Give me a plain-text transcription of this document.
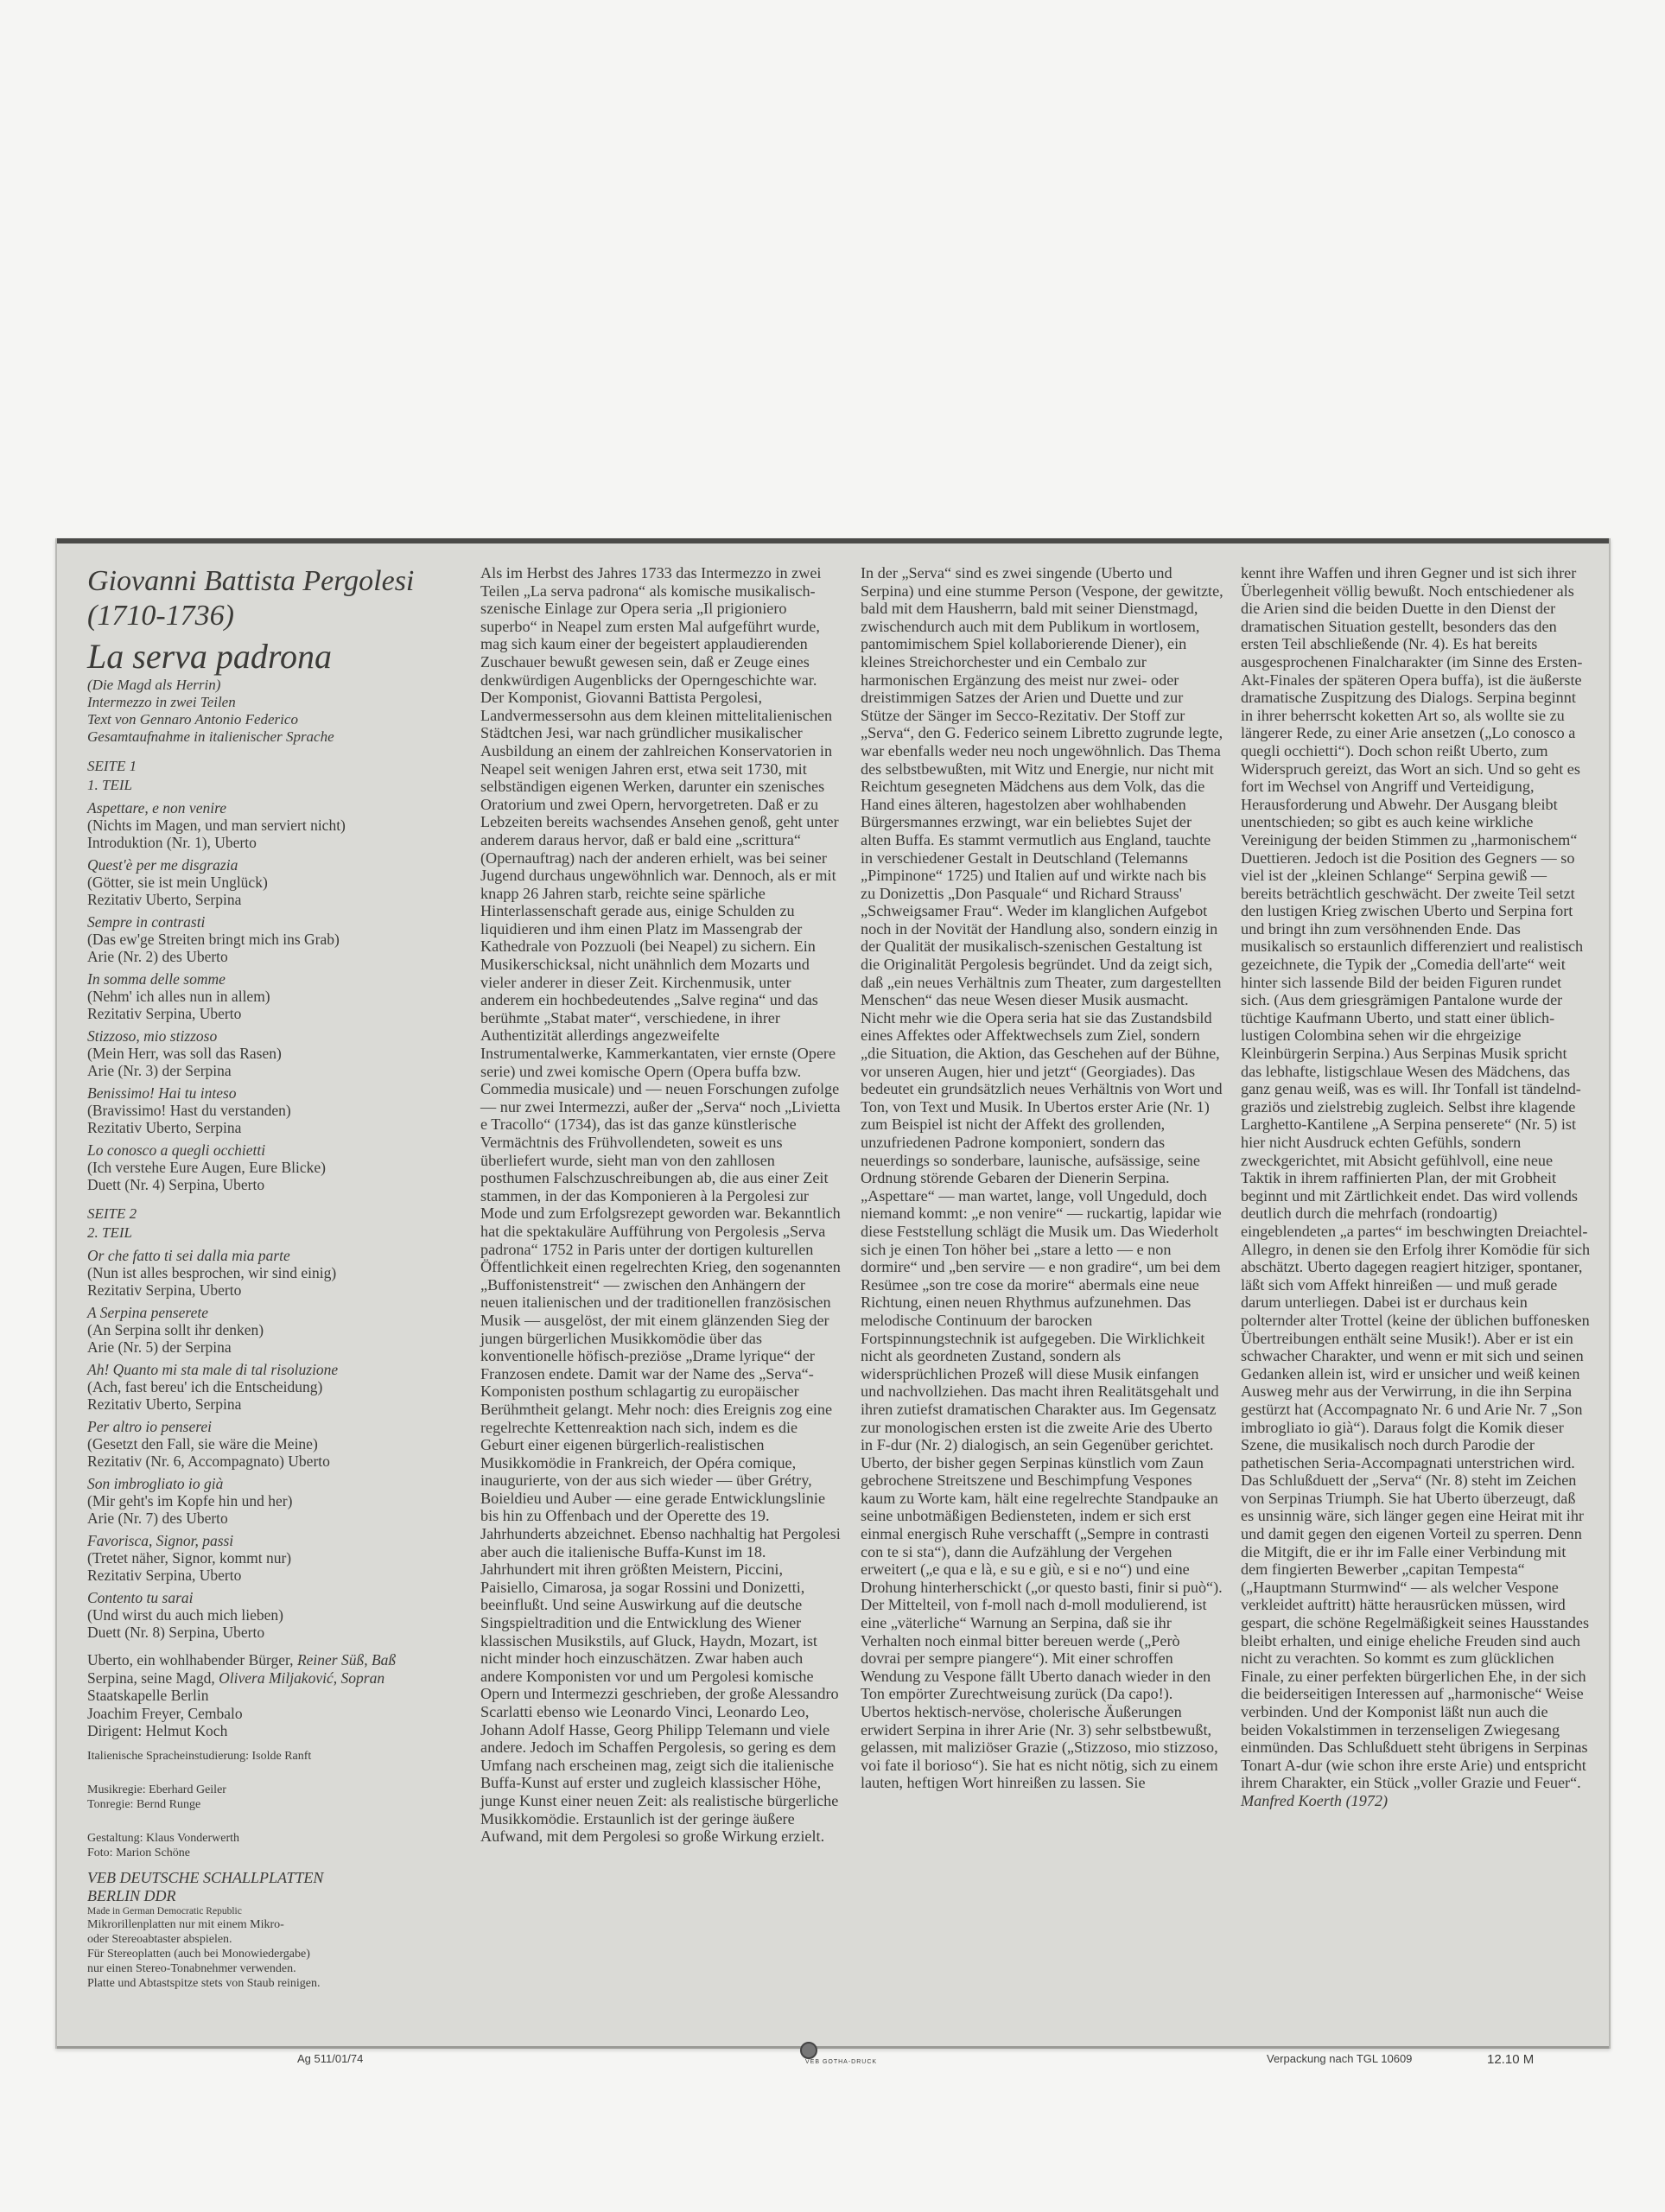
Giovanni Battista Pergolesi
(1710-1736)
La serva padrona
(Die Magd als Herrin)
Intermezzo in zwei Teilen
Text von Gennaro Antonio Federico
Gesamtaufnahme in italienischer Sprache
SEITE 1
1. TEIL
Aspettare, e non venire
(Nichts im Magen, und man serviert nicht)
Introduktion (Nr. 1), Uberto
Quest'è per me disgrazia
(Götter, sie ist mein Unglück)
Rezitativ Uberto, Serpina
Sempre in contrasti
(Das ew'ge Streiten bringt mich ins Grab)
Arie (Nr. 2) des Uberto
In somma delle somme
(Nehm' ich alles nun in allem)
Rezitativ Serpina, Uberto
Stizzoso, mio stizzoso
(Mein Herr, was soll das Rasen)
Arie (Nr. 3) der Serpina
Benissimo! Hai tu inteso
(Bravissimo! Hast du verstanden)
Rezitativ Uberto, Serpina
Lo conosco a quegli occhietti
(Ich verstehe Eure Augen, Eure Blicke)
Duett (Nr. 4) Serpina, Uberto
SEITE 2
2. TEIL
Or che fatto ti sei dalla mia parte
(Nun ist alles besprochen, wir sind einig)
Rezitativ Serpina, Uberto
A Serpina penserete
(An Serpina sollt ihr denken)
Arie (Nr. 5) der Serpina
Ah! Quanto mi sta male di tal risoluzione
(Ach, fast bereu' ich die Entscheidung)
Rezitativ Uberto, Serpina
Per altro io penserei
(Gesetzt den Fall, sie wäre die Meine)
Rezitativ (Nr. 6, Accompagnato) Uberto
Son imbrogliato io già
(Mir geht's im Kopfe hin und her)
Arie (Nr. 7) des Uberto
Favorisca, Signor, passi
(Tretet näher, Signor, kommt nur)
Rezitativ Serpina, Uberto
Contento tu sarai
(Und wirst du auch mich lieben)
Duett (Nr. 8) Serpina, Uberto
Uberto, ein wohlhabender Bürger, Reiner Süß, Baß
Serpina, seine Magd, Olivera Miljaković, Sopran
Staatskapelle Berlin
Joachim Freyer, Cembalo
Dirigent: Helmut Koch
Italienische Spracheinstudierung: Isolde Ranft
Musikregie: Eberhard Geiler
Tonregie: Bernd Runge
Gestaltung: Klaus Vonderwerth
Foto: Marion Schöne
VEB DEUTSCHE SCHALLPLATTEN
BERLIN DDR
Made in German Democratic Republic
Mikrorillenplatten nur mit einem Mikro-
oder Stereoabtaster abspielen.
Für Stereoplatten (auch bei Monowiedergabe)
nur einen Stereo-Tonabnehmer verwenden.
Platte und Abtastspitze stets von Staub reinigen.

Als im Herbst des Jahres 1733 das Intermezzo in zwei Teilen „La serva padrona“ als komische musikalisch-szenische Einlage zur Opera seria „Il prigioniero superbo“ in Neapel zum ersten Mal aufgeführt wurde, mag sich kaum einer der begeistert applaudierenden Zuschauer bewußt gewesen sein, daß er Zeuge eines denkwürdigen Augenblicks der Operngeschichte war. Der Komponist, Giovanni Battista Pergolesi, Landvermessersohn aus dem kleinen mittelitalienischen Städtchen Jesi, war nach gründlicher musikalischer Ausbildung an einem der zahlreichen Konservatorien in Neapel seit wenigen Jahren erst, etwa seit 1730, mit selbständigen eigenen Werken, darunter ein szenisches Oratorium und zwei Opern, hervorgetreten. Daß er zu Lebzeiten bereits wachsendes Ansehen genoß, geht unter anderem daraus hervor, daß er bald eine „scrittura“ (Opernauftrag) nach der anderen erhielt, was bei seiner Jugend durchaus ungewöhnlich war. Dennoch, als er mit knapp 26 Jahren starb, reichte seine spärliche Hinterlassenschaft gerade aus, einige Schulden zu liquidieren und ihm einen Platz im Massengrab der Kathedrale von Pozzuoli (bei Neapel) zu sichern. Ein Musikerschicksal, nicht unähnlich dem Mozarts und vieler anderer in dieser Zeit. Kirchenmusik, unter anderem ein hochbedeutendes „Salve regina“ und das berühmte „Stabat mater“, verschiedene, in ihrer Authentizität allerdings angezweifelte Instrumentalwerke, Kammerkantaten, vier ernste (Opere serie) und zwei komische Opern (Opera buffa bzw. Commedia musicale) und — neuen Forschungen zufolge — nur zwei Intermezzi, außer der „Serva“ noch „Livietta e Tracollo“ (1734), das ist das ganze künstlerische Vermächtnis des Frühvollendeten, soweit es uns überliefert wurde, sieht man von den zahllosen posthumen Falschzuschreibungen ab, die aus einer Zeit stammen, in der das Komponieren à la Pergolesi zur Mode und zum Erfolgsrezept geworden war. Bekanntlich hat die spektakuläre Aufführung von Pergolesis „Serva padrona“ 1752 in Paris unter der dortigen kulturellen Öffentlichkeit einen regelrechten Krieg, den sogenannten „Buffonistenstreit“ — zwischen den Anhängern der neuen italienischen und der traditionellen französischen Musik — ausgelöst, der mit einem glänzenden Sieg der jungen bürgerlichen Musikkomödie über das konventionelle höfisch-preziöse „Drame lyrique“ der Franzosen endete. Damit war der Name des „Serva“-Komponisten posthum schlagartig zu europäischer Berühmtheit gelangt. Mehr noch: dies Ereignis zog eine regelrechte Kettenreaktion nach sich, indem es die Geburt einer eigenen bürgerlich-realistischen Musikkomödie in Frankreich, der Opéra comique, inaugurierte, von der aus sich wieder — über Grétry, Boieldieu und Auber — eine gerade Entwicklungslinie bis hin zu Offenbach und der Operette des 19. Jahrhunderts abzeichnet. Ebenso nachhaltig hat Pergolesi aber auch die italienische Buffa-Kunst im 18. Jahrhundert mit ihren größten Meistern, Piccini, Paisiello, Cimarosa, ja sogar Rossini und Donizetti, beeinflußt. Und seine Auswirkung auf die deutsche Singspieltradition und die Entwicklung des Wiener klassischen Musikstils, auf Gluck, Haydn, Mozart, ist nicht minder hoch einzuschätzen. Zwar haben auch andere Komponisten vor und um Pergolesi komische Opern und Intermezzi geschrieben, der große Alessandro Scarlatti ebenso wie Leonardo Vinci, Leonardo Leo, Johann Adolf Hasse, Georg Philipp Telemann und viele andere. Jedoch im Schaffen Pergolesis, so gering es dem Umfang nach erscheinen mag, zeigt sich die italienische Buffa-Kunst auf erster und zugleich klassischer Höhe, junge Kunst einer neuen Zeit: als realistische bürgerliche Musikkomödie. Erstaunlich ist der geringe äußere Aufwand, mit dem Pergolesi so große Wirkung erzielt.

In der „Serva“ sind es zwei singende (Uberto und Serpina) und eine stumme Person (Vespone, der gewitzte, bald mit dem Hausherrn, bald mit seiner Dienstmagd, zwischendurch auch mit dem Publikum in wortlosem, pantomimischem Spiel kollaborierende Diener), ein kleines Streichorchester und ein Cembalo zur harmonischen Ergänzung des meist nur zwei- oder dreistimmigen Satzes der Arien und Duette und zur Stütze der Sänger im Secco-Rezitativ. Der Stoff zur „Serva“, den G. Federico seinem Libretto zugrunde legte, war ebenfalls weder neu noch ungewöhnlich. Das Thema des selbstbewußten, mit Witz und Energie, nur nicht mit Reichtum gesegneten Mädchens aus dem Volk, das die Hand eines älteren, hagestolzen aber wohlhabenden Bürgersmannes erzwingt, war ein beliebtes Sujet der alten Buffa. Es stammt vermutlich aus England, tauchte in verschiedener Gestalt in Deutschland (Telemanns „Pimpinone“ 1725) und Italien auf und wirkte nach bis zu Donizettis „Don Pasquale“ und Richard Strauss' „Schweigsamer Frau“. Weder im klanglichen Aufgebot noch in der Novität der Handlung also, sondern einzig in der Qualität der musikalisch-szenischen Gestaltung ist die Originalität Pergolesis begründet. Und da zeigt sich, daß „ein neues Verhältnis zum Theater, zum dargestellten Menschen“ das neue Wesen dieser Musik ausmacht. Nicht mehr wie die Opera seria hat sie das Zustandsbild eines Affektes oder Affektwechsels zum Ziel, sondern „die Situation, die Aktion, das Geschehen auf der Bühne, vor unseren Augen, hier und jetzt“ (Georgiades). Das bedeutet ein grundsätzlich neues Verhältnis von Wort und Ton, von Text und Musik. In Ubertos erster Arie (Nr. 1) zum Beispiel ist nicht der Affekt des grollenden, unzufriedenen Padrone komponiert, sondern das neuerdings so sonderbare, launische, aufsässige, seine Ordnung störende Gebaren der Dienerin Serpina. „Aspettare“ — man wartet, lange, voll Ungeduld, doch niemand kommt: „e non venire“ — ruckartig, lapidar wie diese Feststellung schlägt die Musik um. Das Wiederholt sich je einen Ton höher bei „stare a letto — e non dormire“ und „ben servire — e non gradire“, um bei dem Resümee „son tre cose da morire“ abermals eine neue Richtung, einen neuen Rhythmus aufzunehmen. Das melodische Continuum der barocken Fortspinnungstechnik ist aufgegeben. Die Wirklichkeit nicht als geordneten Zustand, sondern als widersprüchlichen Prozeß will diese Musik einfangen und nachvollziehen. Das macht ihren Realitätsgehalt und ihren zutiefst dramatischen Charakter aus. Im Gegensatz zur monologischen ersten ist die zweite Arie des Uberto in F-dur (Nr. 2) dialogisch, an sein Gegenüber gerichtet. Uberto, der bisher gegen Serpinas künstlich vom Zaun gebrochene Streitszene und Beschimpfung Vespones kaum zu Worte kam, hält eine regelrechte Standpauke an seine unbotmäßigen Bediensteten, indem er sich erst einmal energisch Ruhe verschafft („Sempre in contrasti con te si sta“), dann die Aufzählung der Vergehen erweitert („e qua e là, e su e giù, e si e no“) und eine Drohung hinterherschickt („or questo basti, finir si può“). Der Mittelteil, von f-moll nach d-moll modulierend, ist eine „väterliche“ Warnung an Serpina, daß sie ihr Verhalten noch einmal bitter bereuen werde („Però dovrai per sempre piangere“). Mit einer schroffen Wendung zu Vespone fällt Uberto danach wieder in den Ton empörter Zurechtweisung zurück (Da capo!). Ubertos hektisch-nervöse, cholerische Äußerungen erwidert Serpina in ihrer Arie (Nr. 3) sehr selbstbewußt, gelassen, mit maliziöser Grazie („Stizzoso, mio stizzoso, voi fate il borioso“). Sie hat es nicht nötig, sich zu einem lauten, heftigen Wort hinreißen zu lassen. Sie

kennt ihre Waffen und ihren Gegner und ist sich ihrer Überlegenheit völlig bewußt. Noch entschiedener als die Arien sind die beiden Duette in den Dienst der dramatischen Situation gestellt, besonders das den ersten Teil abschließende (Nr. 4). Es hat bereits ausgesprochenen Finalcharakter (im Sinne des Ersten-Akt-Finales der späteren Opera buffa), ist die äußerste dramatische Zuspitzung des Dialogs. Serpina beginnt in ihrer beherrscht koketten Art so, als wollte sie zu längerer Rede, zu einer Arie ansetzen („Lo conosco a quegli occhietti“). Doch schon reißt Uberto, zum Widerspruch gereizt, das Wort an sich. Und so geht es fort im Wechsel von Angriff und Verteidigung, Herausforderung und Abwehr. Der Ausgang bleibt unentschieden; so gibt es auch keine wirkliche Vereinigung der beiden Stimmen zu „harmonischem“ Duettieren. Jedoch ist die Position des Gegners — so viel ist der „kleinen Schlange“ Serpina gewiß — bereits beträchtlich geschwächt. Der zweite Teil setzt den lustigen Krieg zwischen Uberto und Serpina fort und bringt ihn zum versöhnenden Ende. Das musikalisch so erstaunlich differenziert und realistisch gezeichnete, die Typik der „Comedia dell'arte“ weit hinter sich lassende Bild der beiden Figuren rundet sich. (Aus dem griesgrämigen Pantalone wurde der tüchtige Kaufmann Uberto, und statt einer üblich-lustigen Colombina sehen wir die ehrgeizige Kleinbürgerin Serpina.) Aus Serpinas Musik spricht das lebhafte, listigschlaue Wesen des Mädchens, das ganz genau weiß, was es will. Ihr Tonfall ist tändelnd-graziös und zielstrebig zugleich. Selbst ihre klagende Larghetto-Kantilene „A Serpina penserete“ (Nr. 5) ist hier nicht Ausdruck echten Gefühls, sondern zweckgerichtet, mit Absicht gefühlvoll, eine neue Taktik in ihrem raffinierten Plan, der mit Grobheit beginnt und mit Zärtlichkeit endet. Das wird vollends deutlich durch die mehrfach (rondoartig) eingeblendeten „a partes“ im beschwingten Dreiachtel-Allegro, in denen sie den Erfolg ihrer Komödie für sich abschätzt. Uberto dagegen reagiert hitziger, spontaner, läßt sich vom Affekt hinreißen — und muß gerade darum unterliegen. Dabei ist er durchaus kein polternder alter Trottel (keine der üblichen buffonesken Übertreibungen enthält seine Musik!). Aber er ist ein schwacher Charakter, und wenn er mit sich und seinen Gedanken allein ist, wird er unsicher und weiß keinen Ausweg mehr aus der Verwirrung, in die ihn Serpina gestürzt hat (Accompagnato Nr. 6 und Arie Nr. 7 „Son imbrogliato io già“). Daraus folgt die Komik dieser Szene, die musikalisch noch durch Parodie der pathetischen Seria-Accompagnati unterstrichen wird. Das Schlußduett der „Serva“ (Nr. 8) steht im Zeichen von Serpinas Triumph. Sie hat Uberto überzeugt, daß es unsinnig wäre, sich länger gegen eine Heirat mit ihr und damit gegen den eigenen Vorteil zu sperren. Denn die Mitgift, die er ihr im Falle einer Verbindung mit dem fingierten Bewerber „capitan Tempesta“ („Hauptmann Sturmwind“ — als welcher Vespone verkleidet auftritt) hätte herausrücken müssen, wird gespart, die schöne Regelmäßigkeit seines Hausstandes bleibt erhalten, und einige eheliche Freuden sind auch nicht zu verachten. So kommt es zum glücklichen Finale, zu einer perfekten bürgerlichen Ehe, in der sich die beiderseitigen Interessen auf „harmonische“ Weise verbinden. Und der Komponist läßt nun auch die beiden Vokalstimmen in terzenseligen Zwiegesang einmünden. Das Schlußduett steht übrigens in Serpinas Tonart A-dur (wie schon ihre erste Arie) und entspricht ihrem Charakter, ein Stück „voller Grazie und Feuer“.

Manfred Koerth (1972)

Ag 511/01/74	VEB GOTHA-DRUCK	Verpackung nach TGL 10609	12.10 M
